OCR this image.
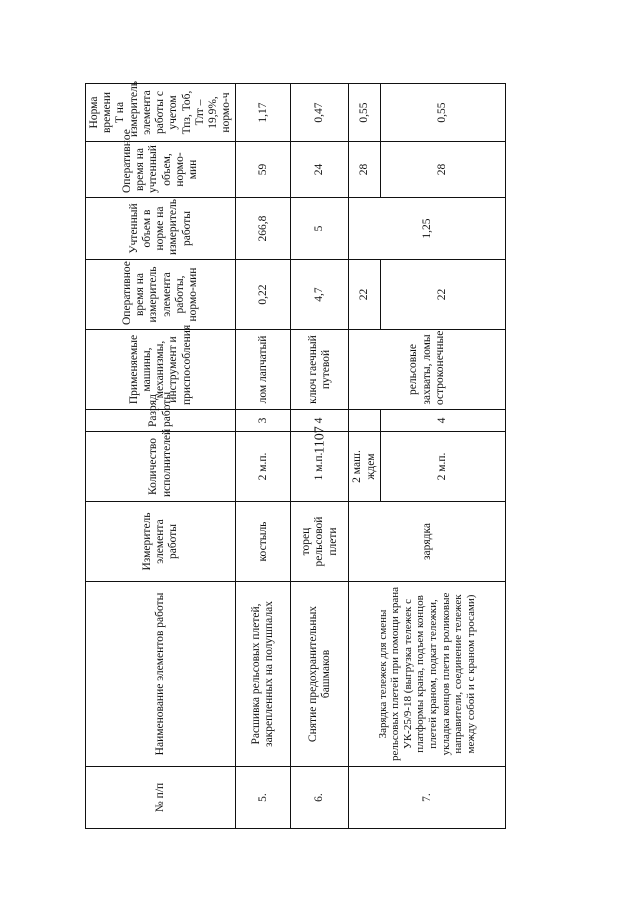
1107
№ п/п	Наименование элементов работы	Измеритель элемента работы	Количество исполнителей	Разряд работы	Применяемые машины, механизмы, инструмент и приспособления	Оперативное время на измеритель элемента работы, нормо-мин	Учтенный объем в норме на измеритель работы	Оперативное время на учтенный объем, нормо-мин	Норма времени Т на измеритель элемента работы с учетом Тпз, Тоб, Тлт – 19,9%, нормо-ч
5.	Расшивка рельсовых плетей, закрепленных на полушпалах	костыль	2 м.п.	3	лом лапчатый	0,22	266,8	59	1,17
6.	Снятие предохранительных башмаков	торец рельсовой плети	1 м.п.	4	ключ гаечный путевой	4,7	5	24	0,47
7.	Зарядка тележек для смены рельсовых плетей при помощи крана УК-25/9-18 (выгрузка тележек с платформы крана, подъем концов плетей краном, подкат тележки, укладка концов плети в роликовые направители, соединение тележек между собой и с краном тросами)	зарядка	2 маш. ждем		рельсовые захваты, ломы остроконечные	22	1,25	28	0,55
			2 м.п.	4		22		28	0,55
